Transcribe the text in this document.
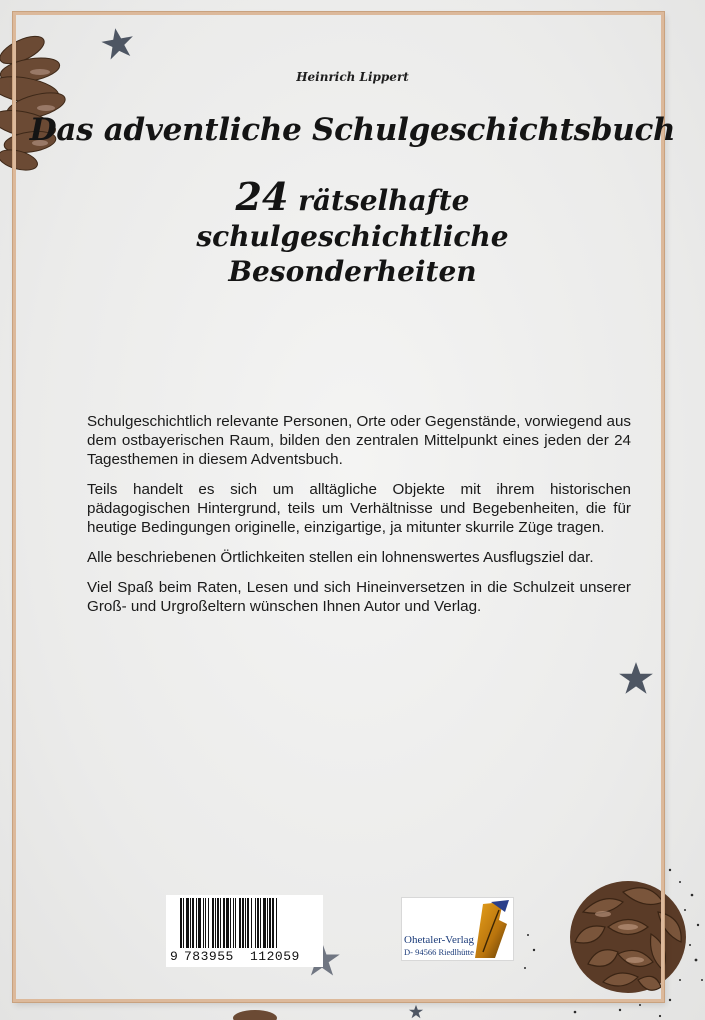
Heinrich Lippert
Das adventliche Schulgeschichtsbuch
24 rätselhafte
schulgeschichtliche
Besonderheiten

Schulgeschichtlich relevante Personen, Orte oder Gegenstände, vorwiegend aus dem ostbayerischen Raum, bilden den zentralen Mittelpunkt eines jeden der 24 Tagesthemen in diesem Adventsbuch.

Teils handelt es sich um alltägliche Objekte mit ihrem historischen pädagogischen Hintergrund, teils um Verhältnisse und Begebenheiten, die für heutige Bedingungen originelle, einzigartige, ja mitunter skurrile Züge tragen.

Alle beschriebenen Örtlichkeiten stellen ein lohnenswertes Ausflugsziel dar.

Viel Spaß beim Raten, Lesen und sich Hineinversetzen in die Schulzeit unserer Groß- und Urgroßeltern wünschen Ihnen Autor und Verlag.

9 783955 112059
Ohetaler-Verlag
D- 94566 Riedlhütte
